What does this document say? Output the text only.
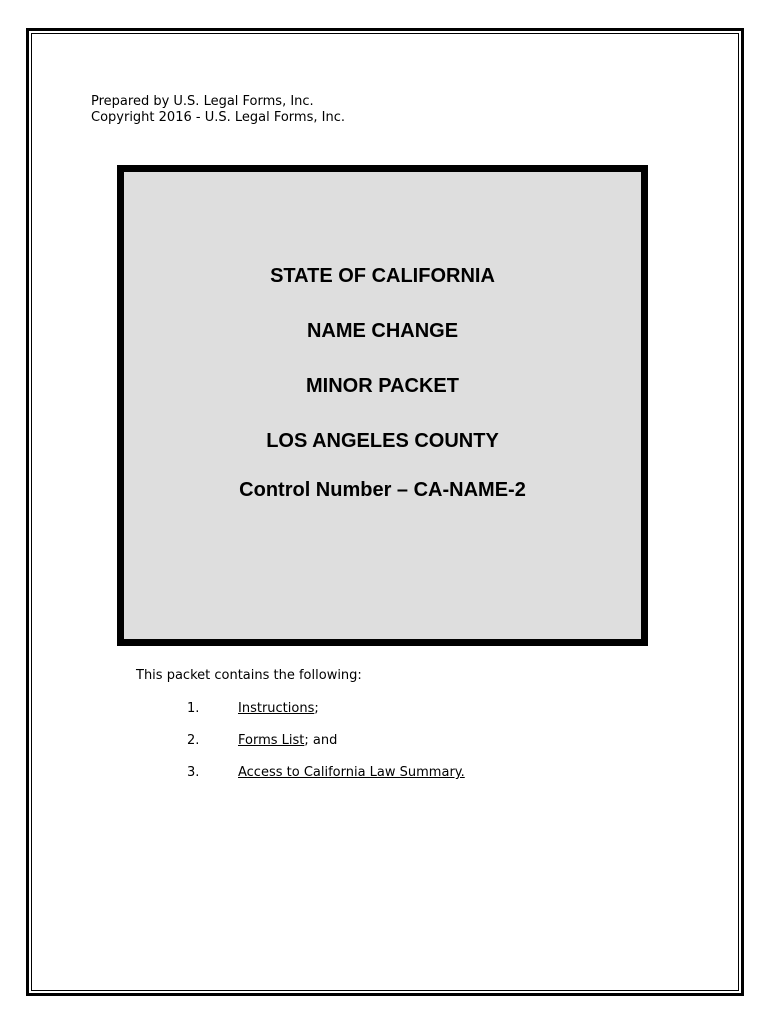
Prepared by U.S. Legal Forms, Inc.
Copyright 2016 - U.S. Legal Forms, Inc.
STATE OF CALIFORNIA
NAME CHANGE
MINOR PACKET
LOS ANGELES COUNTY
Control Number – CA-NAME-2
This packet contains the following:
1.	Instructions;
2.	Forms List; and
3.	Access to California Law Summary.
